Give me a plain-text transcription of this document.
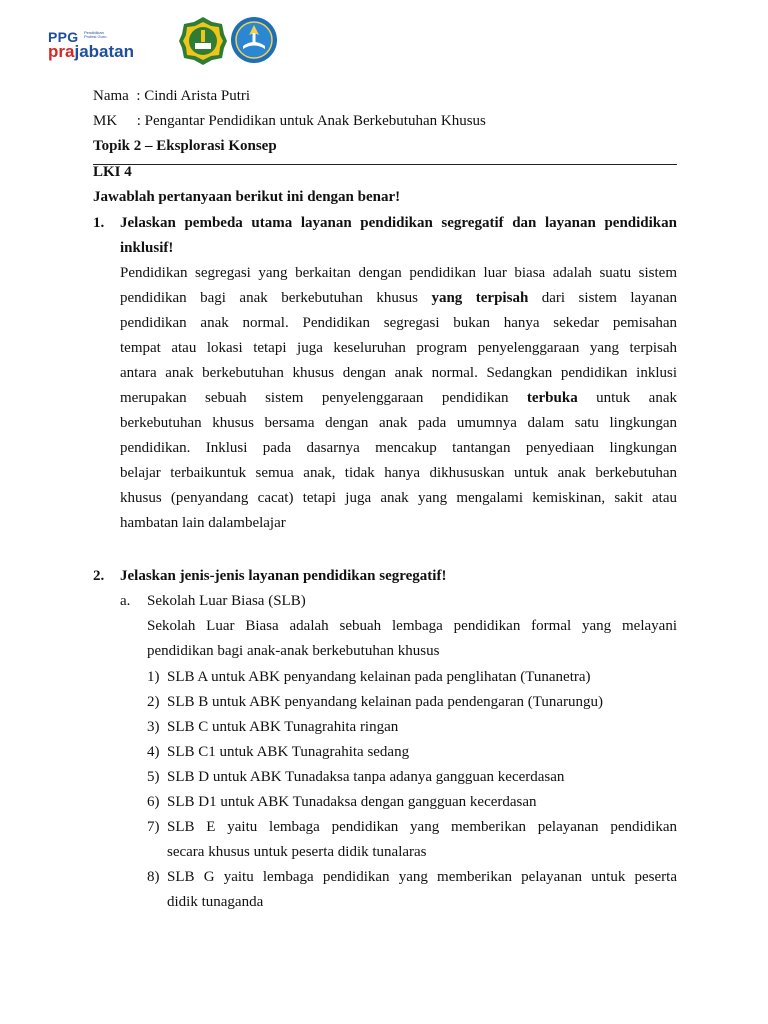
PPG Pendidikan Profesi Guru
prajabatan
Nama : Cindi Arista Putri
MK : Pengantar Pendidikan untuk Anak Berkebutuhan Khusus
Topik 2 – Eksplorasi Konsep
LKI 4
Jawablah pertanyaan berikut ini dengan benar!
1. Jelaskan pembeda utama layanan pendidikan segregatif dan layanan pendidikan
inklusif!
Pendidikan segregasi yang berkaitan dengan pendidikan luar biasa adalah suatu sistem
pendidikan bagi anak berkebutuhan khusus yang terpisah dari sistem layanan
pendidikan anak normal. Pendidikan segregasi bukan hanya sekedar pemisahan
tempat atau lokasi tetapi juga keseluruhan program penyelenggaraan yang terpisah
antara anak berkebutuhan khusus dengan anak normal. Sedangkan pendidikan inklusi
merupakan sebuah sistem penyelenggaraan pendidikan terbuka untuk anak
berkebutuhan khusus bersama dengan anak pada umumnya dalam satu lingkungan
pendidikan. Inklusi pada dasarnya mencakup tantangan penyediaan lingkungan
belajar terbaikuntuk semua anak, tidak hanya dikhususkan untuk anak berkebutuhan
khusus (penyandang cacat) tetapi juga anak yang mengalami kemiskinan, sakit atau
hambatan lain dalambelajar
2. Jelaskan jenis-jenis layanan pendidikan segregatif!
a. Sekolah Luar Biasa (SLB)
Sekolah Luar Biasa adalah sebuah lembaga pendidikan formal yang melayani
pendidikan bagi anak-anak berkebutuhan khusus
1) SLB A untuk ABK penyandang kelainan pada penglihatan (Tunanetra)
2) SLB B untuk ABK penyandang kelainan pada pendengaran (Tunarungu)
3) SLB C untuk ABK Tunagrahita ringan
4) SLB C1 untuk ABK Tunagrahita sedang
5) SLB D untuk ABK Tunadaksa tanpa adanya gangguan kecerdasan
6) SLB D1 untuk ABK Tunadaksa dengan gangguan kecerdasan
7) SLB E yaitu lembaga pendidikan yang memberikan pelayanan pendidikan
secara khusus untuk peserta didik tunalaras
8) SLB G yaitu lembaga pendidikan yang memberikan pelayanan untuk peserta
didik tunaganda
